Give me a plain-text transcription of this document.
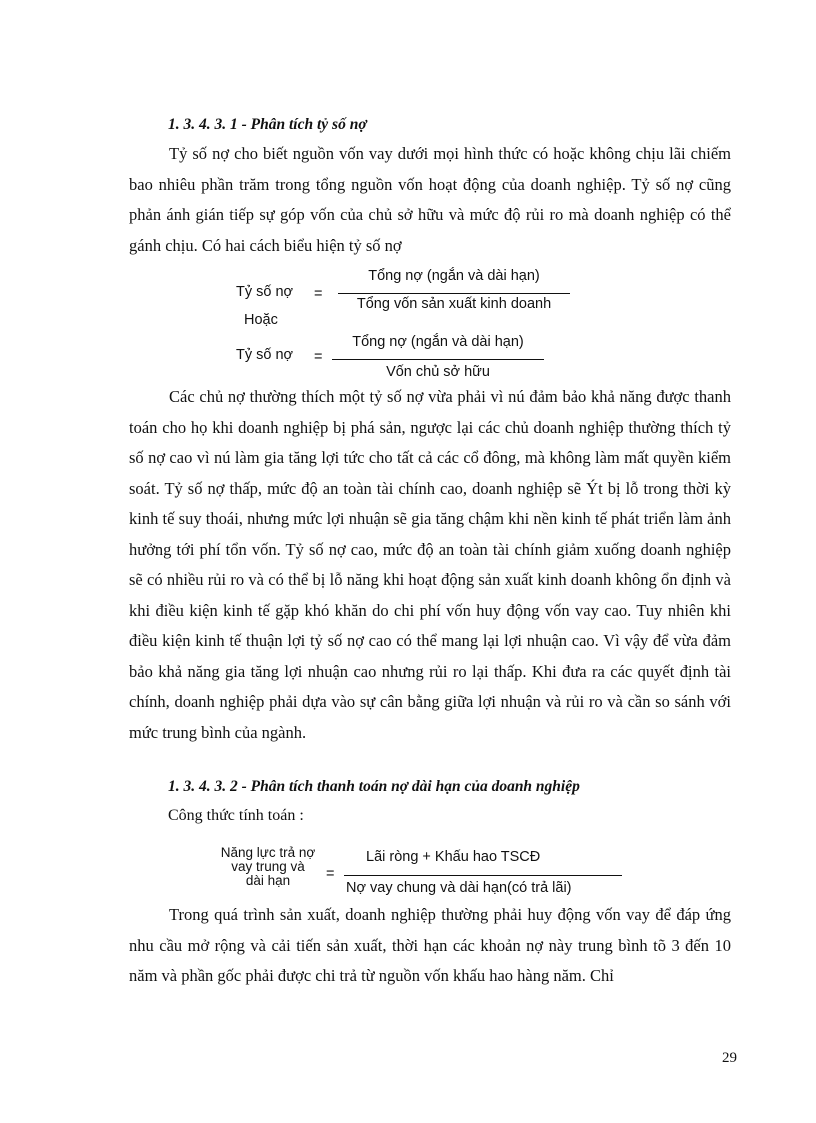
1. 3. 4. 3. 1 - Phân tích tỷ số nợ

Tỷ số nợ cho biết nguồn vốn vay dưới mọi hình thức có hoặc không chịu lãi chiếm bao nhiêu phần trăm trong tổng nguồn vốn hoạt động của doanh nghiệp. Tỷ số nợ cũng phản ánh gián tiếp sự góp vốn của chủ sở hữu và mức độ rủi ro mà doanh nghiệp có thể gánh chịu. Có hai cách biểu hiện tỷ số nợ

Tỷ số nợ =
Tổng nợ (ngắn và dài hạn)
Tổng vốn sản xuất kinh doanh
Hoặc
Tỷ số nợ =
Tổng nợ (ngắn và dài hạn)
Vốn chủ sở hữu

Các chủ nợ thường thích một tỷ số nợ vừa phải vì nú đảm bảo khả năng được thanh toán cho họ khi doanh nghiệp bị phá sản, ngược lại các chủ doanh nghiệp thường thích tỷ số nợ cao vì nú làm gia tăng lợi tức cho tất cả các cổ đông, mà không làm mất quyền kiểm soát. Tỷ số nợ thấp, mức độ an toàn tài chính cao, doanh nghiệp sẽ Ýt bị lỗ trong thời kỳ kinh tế suy thoái, nhưng mức lợi nhuận sẽ gia tăng chậm khi nền kinh tế phát triển làm ảnh hưởng tới phí tổn vốn. Tỷ số nợ cao, mức độ an toàn tài chính giảm xuống doanh nghiệp sẽ có nhiều rủi ro và có thể bị lỗ năng khi hoạt động sản xuất kinh doanh không ổn định và khi điều kiện kinh tế gặp khó khăn do chi phí vốn huy động vốn vay cao. Tuy nhiên khi điều kiện kinh tế thuận lợi tỷ số nợ cao có thể mang lại lợi nhuận cao. Vì vậy để vừa đảm bảo khả năng gia tăng lợi nhuận cao nhưng rủi ro lại thấp. Khi đưa ra các quyết định tài chính, doanh nghiệp phải dựa vào sự cân bằng giữa lợi nhuận và rủi ro và cần so sánh với mức trung bình của ngành.

1. 3. 4. 3. 2 - Phân tích thanh toán nợ dài hạn của doanh nghiệp

Công thức tính toán :

Năng lực trả nợ
vay trung và
dài hạn	=
Lãi ròng + Khấu hao TSCĐ
Nợ vay chung và dài hạn(có trả lãi)

Trong quá trình sản xuất, doanh nghiệp thường phải huy động vốn vay để đáp ứng nhu cầu mở rộng và cải tiến sản xuất, thời hạn các khoản nợ này trung bình tõ 3 đến 10 năm và phần gốc phải được chi trả từ nguồn vốn khấu hao hàng năm. Chỉ

29
